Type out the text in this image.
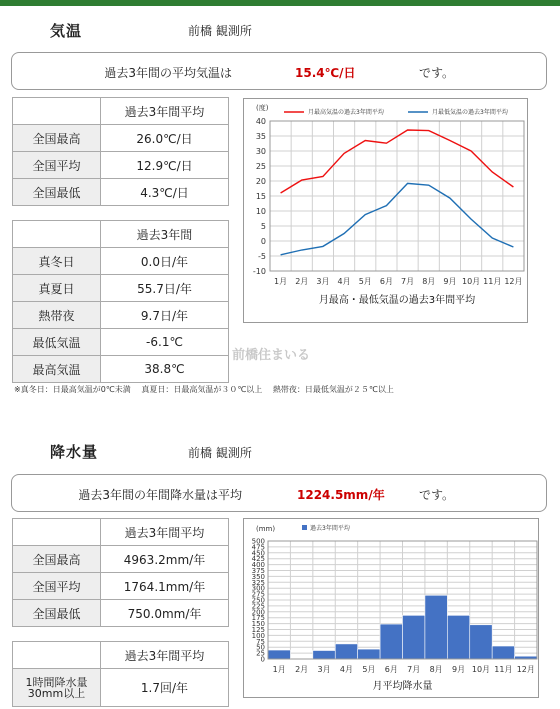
気温	前橋 観測所
過去3年間の平均気温は	15.4℃/日	です。
	過去3年間平均
全国最高	26.0℃/日
全国平均	12.9℃/日
全国最低	4.3℃/日
	過去3年間
真冬日	0.0日/年
真夏日	55.7日/年
熱帯夜	9.7日/年
最低気温	-6.1℃
最高気温	38.8℃
-10
-5
0
5
10
15
20
25
30
35
40
1月 2月 3月 4月 5月 6月 7月 8月 9月 10月 11月 12月
(度)
月最高気温の過去3年間平均	月最低気温の過去3年間平均
月最高・最低気温の過去3年間平均
前橋住まいる
※真冬日：日最高気温が0℃未満　 真夏日：日最高気温が３０℃以上　 熱帯夜：日最低気温が２５℃以上
降水量	前橋 観測所
過去3年間の年間降水量は平均	1224.5mm/年	です。
	過去3年間平均
全国最高	4963.2mm/年
全国平均	1764.1mm/年
全国最低	750.0mm/年
	過去3年間平均
1時間降水量
30mm以上	1.7回/年
0
25
50
75
100
125
150
175
200
225
250
275
300
325
350
375
400
425
450
475
500
1月 2月 3月 4月 5月 6月 7月 8月 9月 10月 11月 12月
(mm)	過去3年間平均
月平均降水量
